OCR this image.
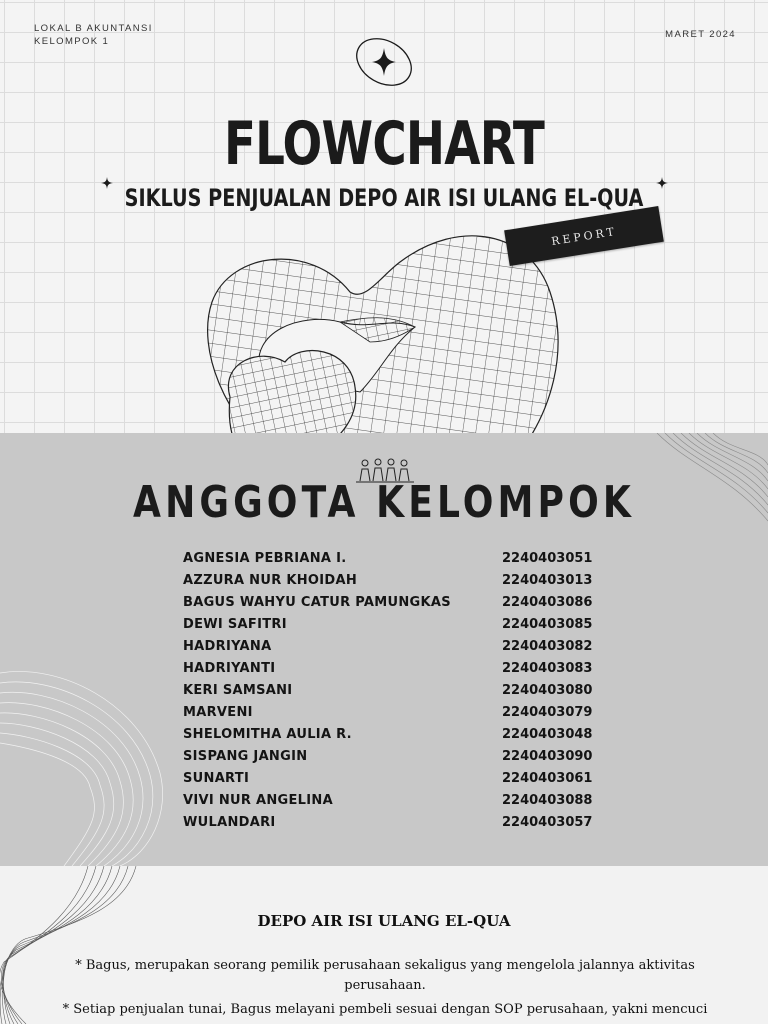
LOKAL B AKUNTANSI
KELOMPOK 1
MARET 2024
FLOWCHART
SIKLUS PENJUALAN DEPO AIR ISI ULANG EL-QUA
REPORT
ANGGOTA KELOMPOK
AGNESIA PEBRIANA I.	2240403051
AZZURA NUR KHOIDAH	2240403013
BAGUS WAHYU CATUR PAMUNGKAS	2240403086
DEWI SAFITRI	2240403085
HADRIYANA	2240403082
HADRIYANTI	2240403083
KERI SAMSANI	2240403080
MARVENI	2240403079
SHELOMITHA AULIA R.	2240403048
SISPANG JANGIN	2240403090
SUNARTI	2240403061
VIVI NUR ANGELINA	2240403088
WULANDARI	2240403057
DEPO AIR ISI ULANG EL-QUA
* Bagus, merupakan seorang pemilik perusahaan sekaligus yang mengelola jalannya aktivitas
perusahaan.
* Setiap penjualan tunai, Bagus melayani pembeli sesuai dengan SOP perusahaan, yakni mencuci
